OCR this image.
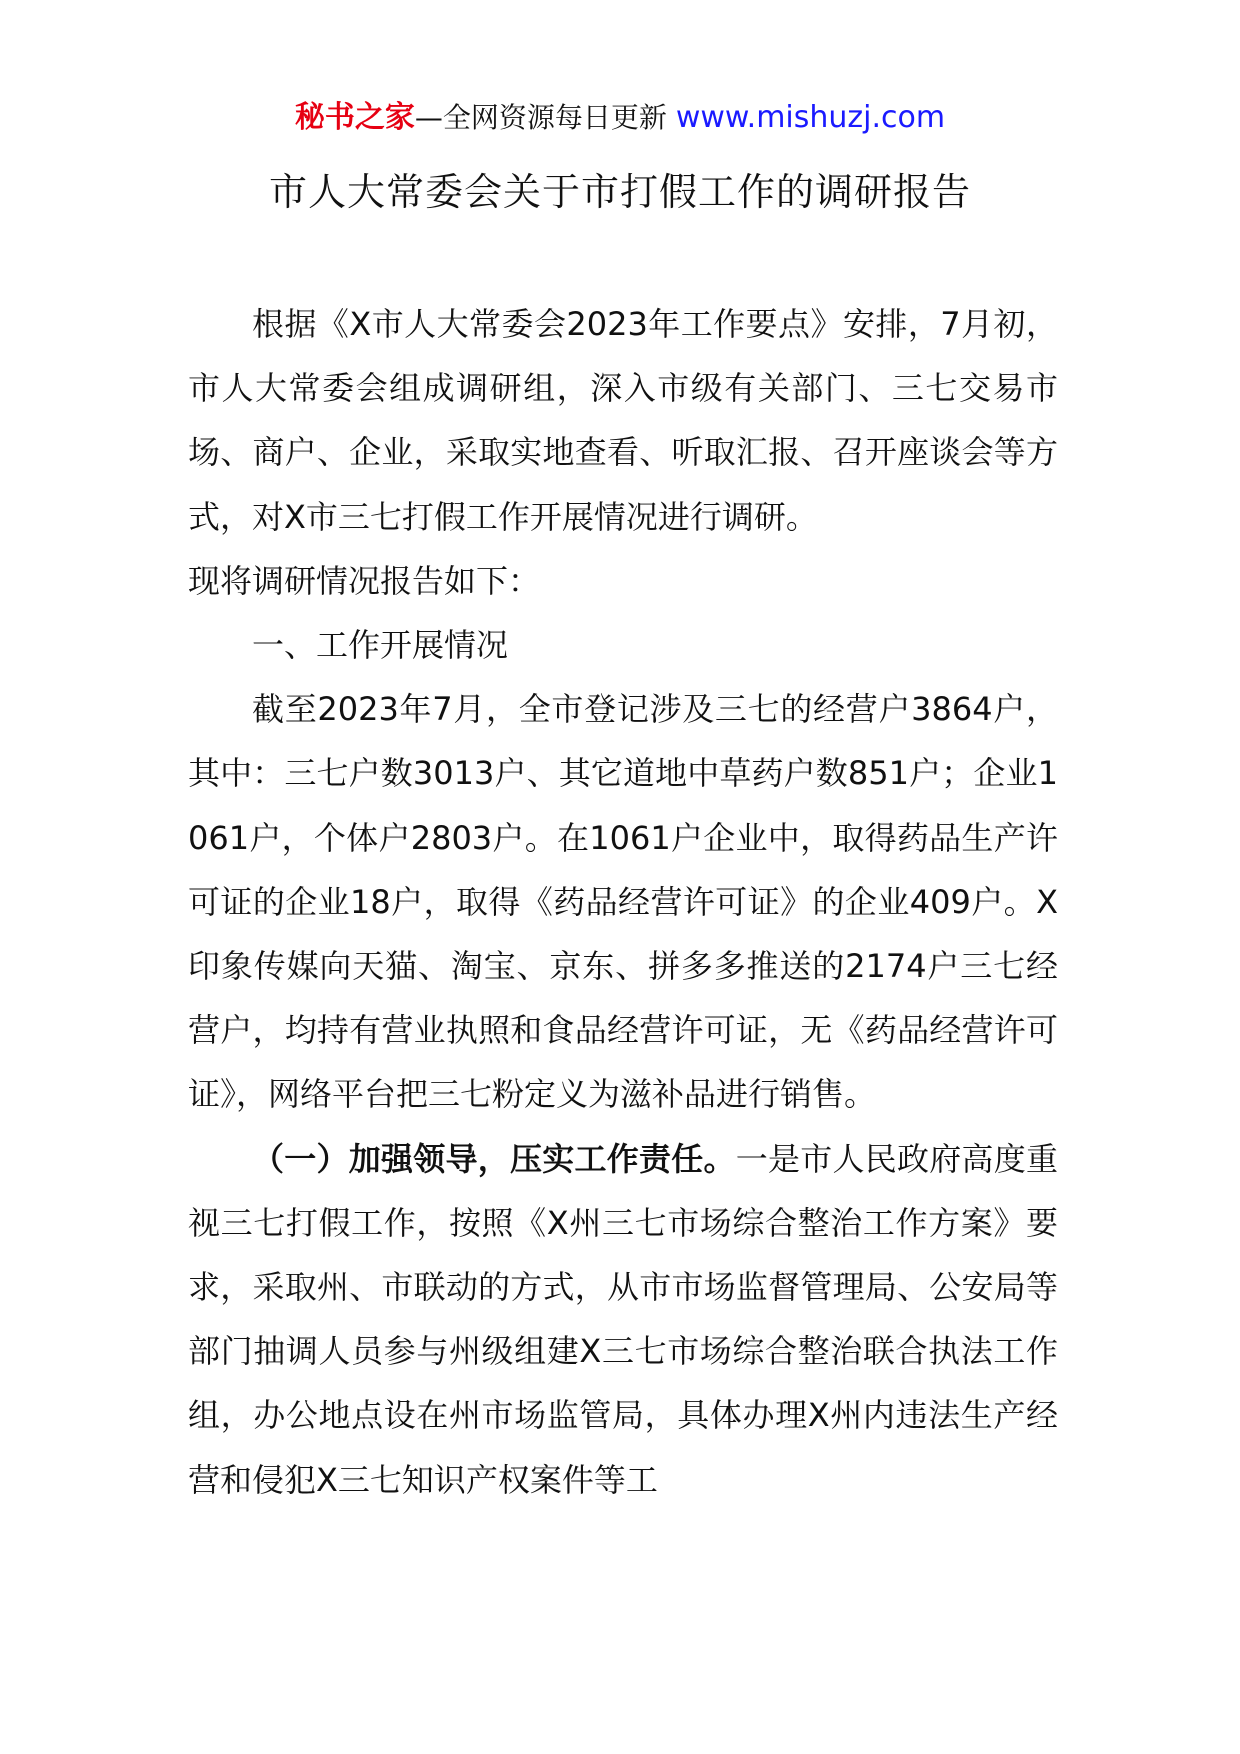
秘书之家—全网资源每日更新 www.mishuzj.com
市人大常委会关于市打假工作的调研报告

根据《X市人大常委会2023年工作要点》安排，7月初，市人大常委会组成调研组，深入市级有关部门、三七交易市场、商户、企业，采取实地查看、听取汇报、召开座谈会等方式，对X市三七打假工作开展情况进行调研。

现将调研情况报告如下：

一、工作开展情况

截至2023年7月，全市登记涉及三七的经营户3864户，其中：三七户数3013户、其它道地中草药户数851户；企业1061户，个体户2803户。在1061户企业中，取得药品生产许可证的企业18户，取得《药品经营许可证》的企业409户。X印象传媒向天猫、淘宝、京东、拼多多推送的2174户三七经营户，均持有营业执照和食品经营许可证，无《药品经营许可证》，网络平台把三七粉定义为滋补品进行销售。

（一）加强领导，压实工作责任。一是市人民政府高度重视三七打假工作，按照《X州三七市场综合整治工作方案》要求，采取州、市联动的方式，从市市场监督管理局、公安局等部门抽调人员参与州级组建X三七市场综合整治联合执法工作组，办公地点设在州市场监管局，具体办理X州内违法生产经营和侵犯X三七知识产权案件等工
